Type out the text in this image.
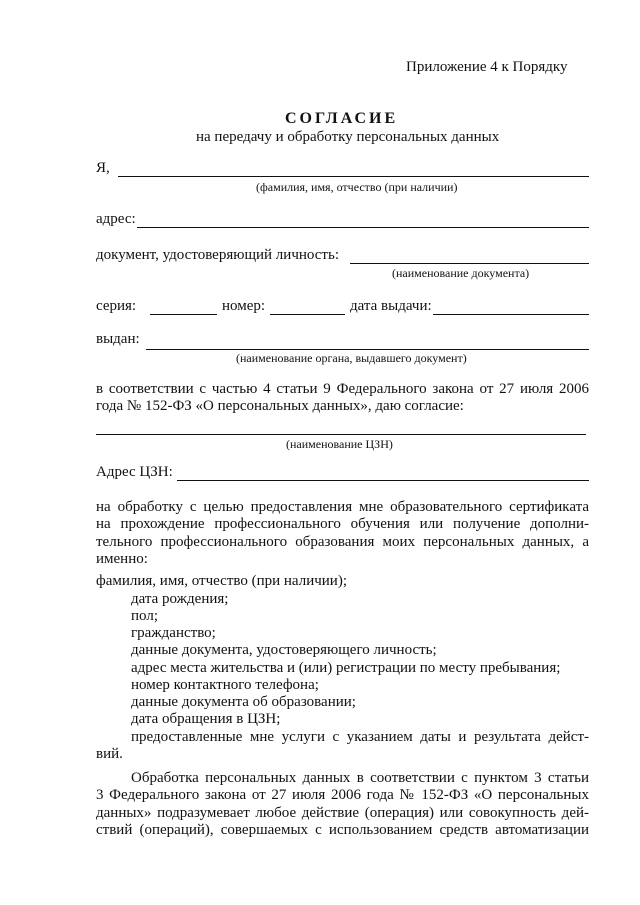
Приложение 4 к Порядку
СОГЛАСИЕ
на передачу и обработку персональных данных
Я,
(фамилия, имя, отчество (при наличии)
адрес:
документ, удостоверяющий личность:
(наименование документа)
серия:	номер:	дата выдачи:
выдан:
(наименование органа, выдавшего документ)
в соответствии с частью 4 статьи 9 Федерального закона от 27 июля 2006
года № 152-ФЗ «О персональных данных», даю согласие:
(наименование ЦЗН)
Адрес ЦЗН:
на обработку с целью предоставления мне образовательного сертификата
на прохождение профессионального обучения или получение дополни-
тельного профессионального образования моих персональных данных, а
именно:
фамилия, имя, отчество (при наличии);
дата рождения;
пол;
гражданство;
данные документа, удостоверяющего личность;
адрес места жительства и (или) регистрации по месту пребывания;
номер контактного телефона;
данные документа об образовании;
дата обращения в ЦЗН;
предоставленные мне услуги с указанием даты и результата дейст-
вий.
Обработка персональных данных в соответствии с пунктом 3 статьи
3 Федерального закона от 27 июля 2006 года № 152-ФЗ «О персональных
данных» подразумевает любое действие (операция) или совокупность дей-
ствий (операций), совершаемых с использованием средств автоматизации
